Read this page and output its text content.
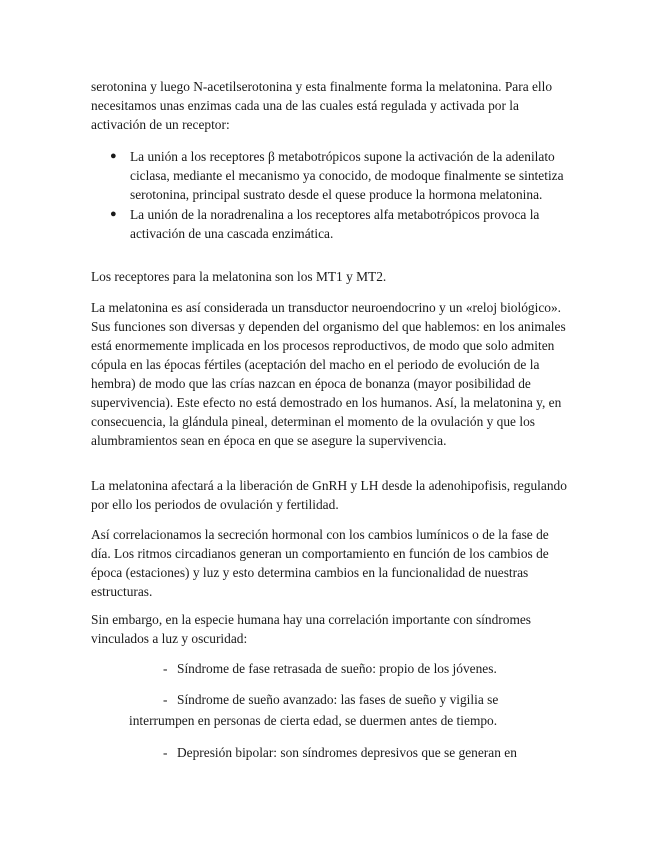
serotonina y luego N-acetilserotonina y esta finalmente forma la melatonina. Para ello necesitamos unas enzimas cada una de las cuales está regulada y activada por la activación de un receptor:

● La unión a los receptores β metabotrópicos supone la activación de la adenilato ciclasa, mediante el mecanismo ya conocido, de modoque finalmente se sintetiza serotonina, principal sustrato desde el quese produce la hormona melatonina.
● La unión de la noradrenalina a los receptores alfa metabotrópicos provoca la activación de una cascada enzimática.

Los receptores para la melatonina son los MT1 y MT2.

La melatonina es así considerada un transductor neuroendocrino y un «reloj biológico». Sus funciones son diversas y dependen del organismo del que hablemos: en los animales está enormemente implicada en los procesos reproductivos, de modo que solo admiten cópula en las épocas fértiles (aceptación del macho en el periodo de evolución de la hembra) de modo que las crías nazcan en época de bonanza (mayor posibilidad de supervivencia). Este efecto no está demostrado en los humanos. Así, la melatonina y, en consecuencia, la glándula pineal, determinan el momento de la ovulación y que los alumbramientos sean en época en que se asegure la supervivencia.

La melatonina afectará a la liberación de GnRH y LH desde la adenohipofisis, regulando por ello los periodos de ovulación y fertilidad.

Así correlacionamos la secreción hormonal con los cambios lumínicos o de la fase de día. Los ritmos circadianos generan un comportamiento en función de los cambios de época (estaciones) y luz y esto determina cambios en la funcionalidad de nuestras estructuras.

Sin embargo, en la especie humana hay una correlación importante con síndromes vinculados a luz y oscuridad:

- Síndrome de fase retrasada de sueño: propio de los jóvenes.
- Síndrome de sueño avanzado: las fases de sueño y vigilia se

interrumpen en personas de cierta edad, se duermen antes de tiempo.

- Depresión bipolar: son síndromes depresivos que se generan en
